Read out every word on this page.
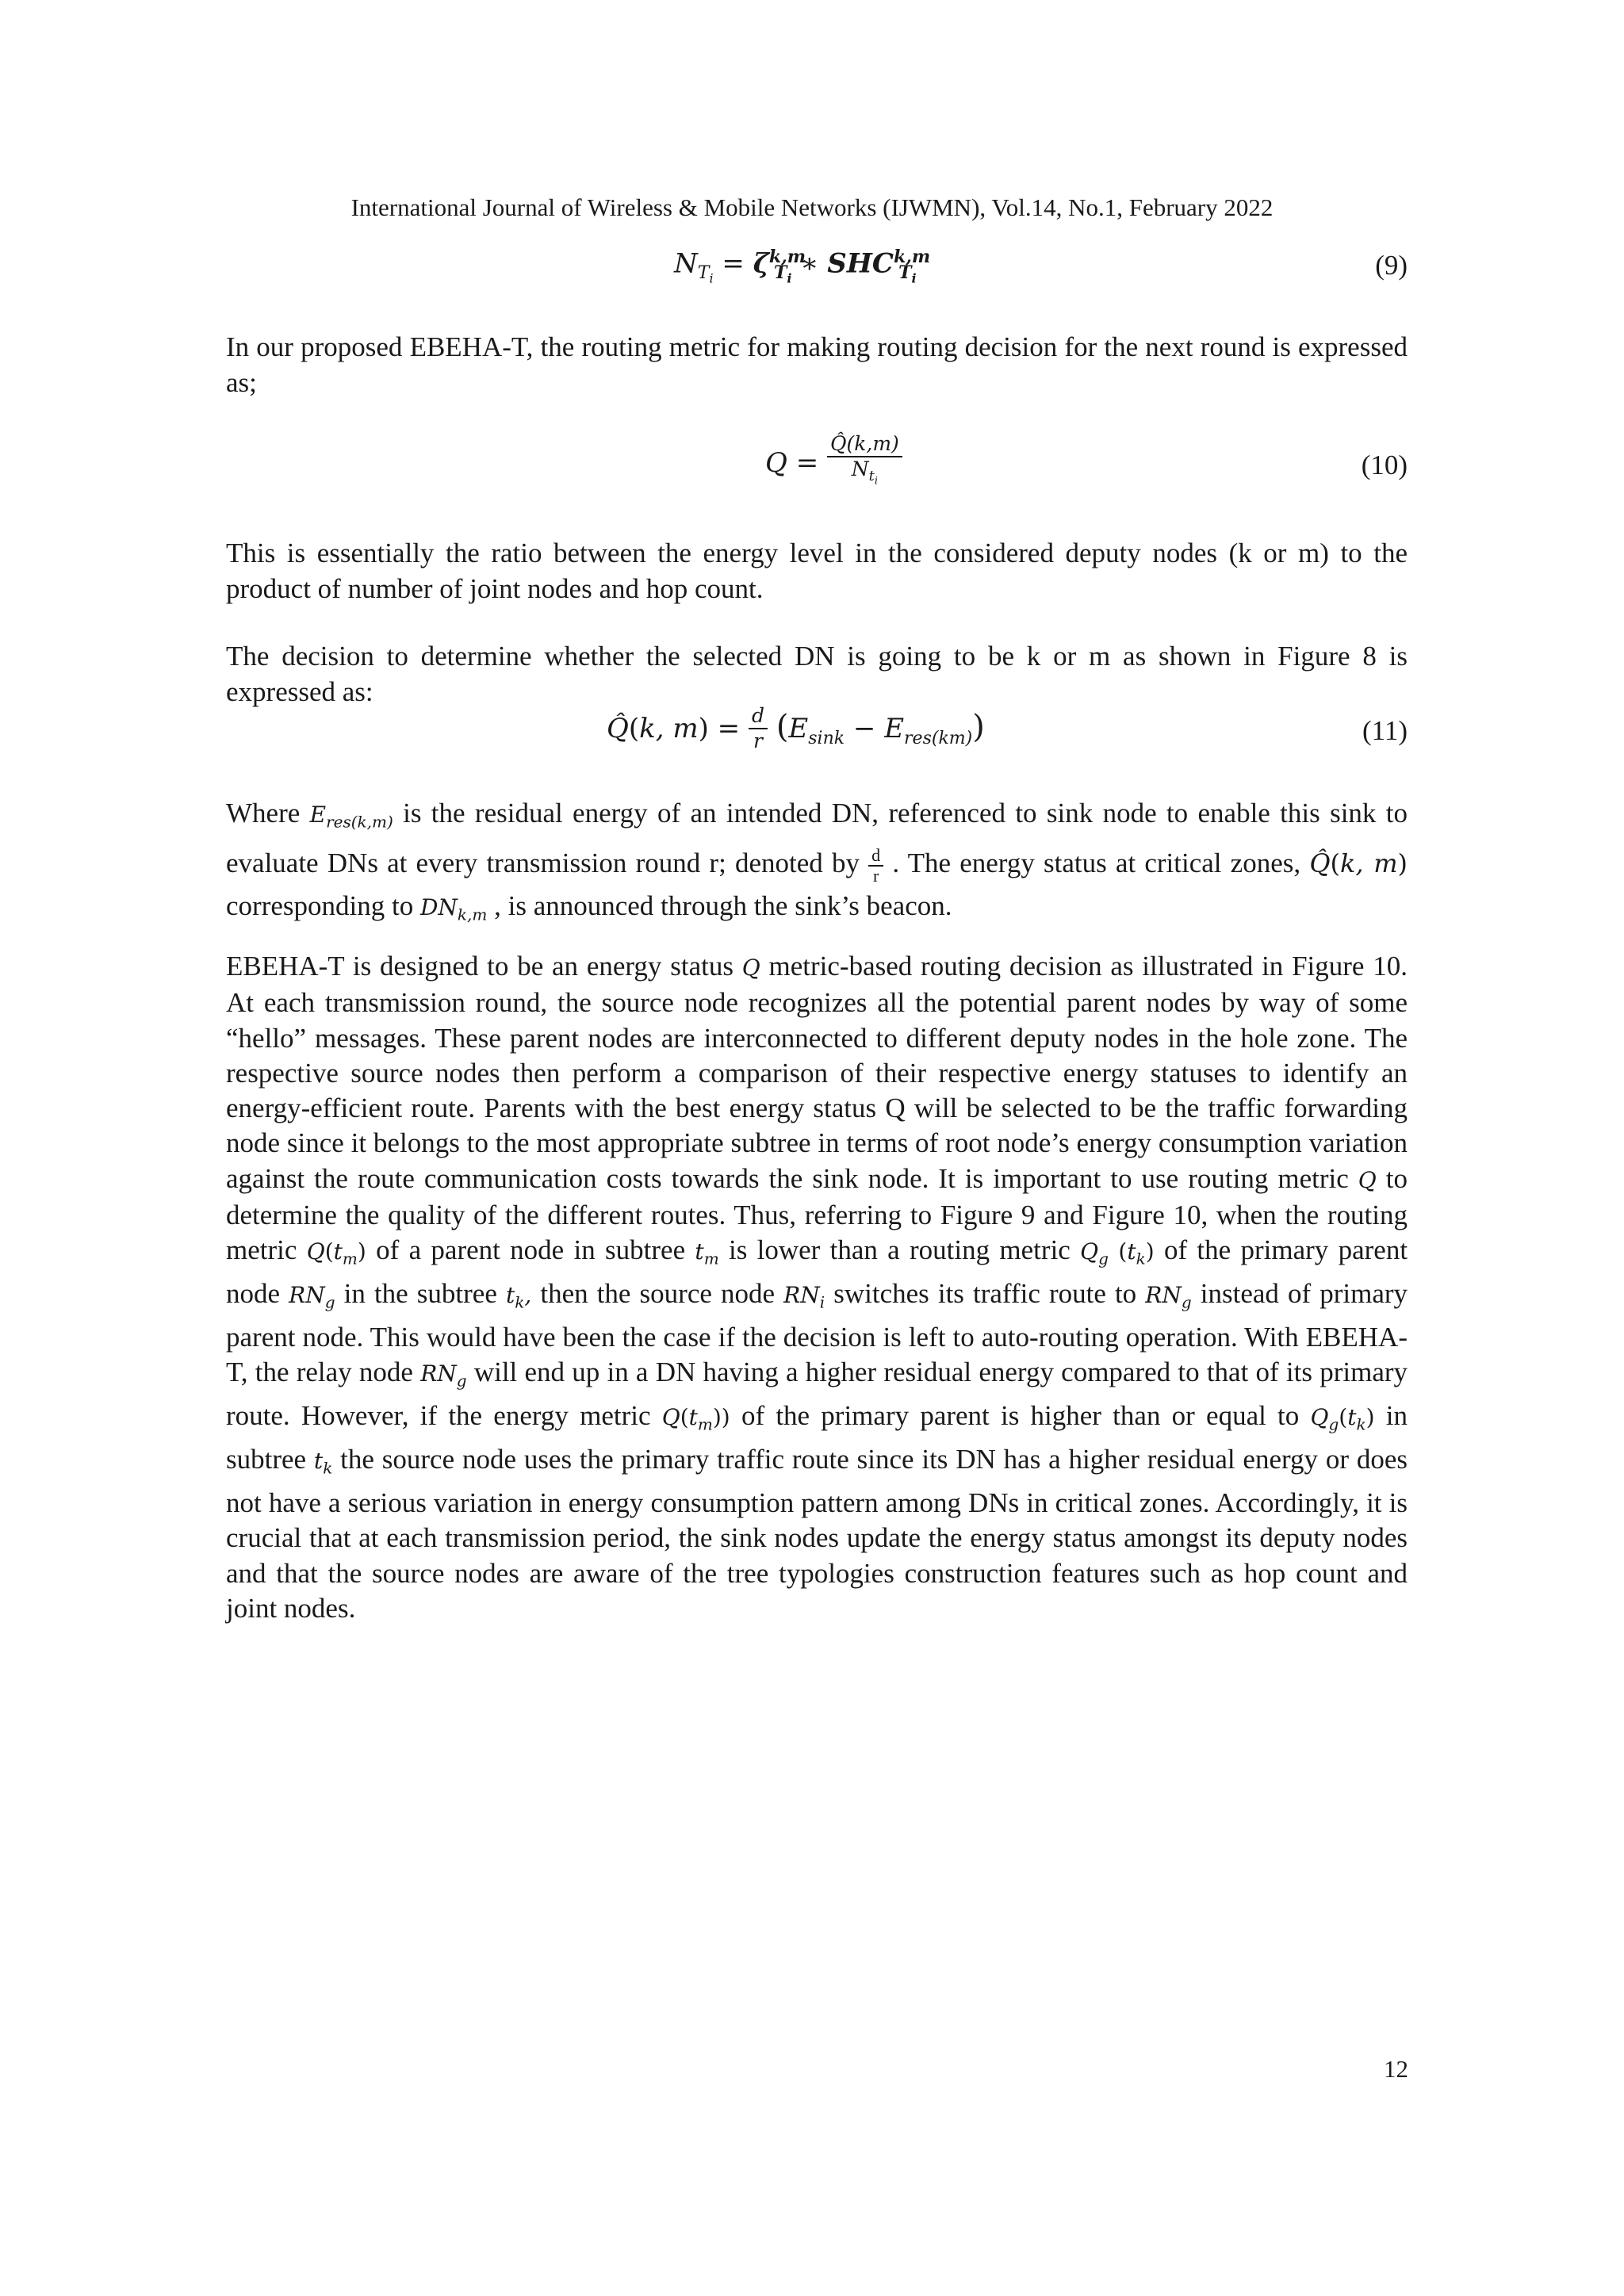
International Journal of Wireless & Mobile Networks (IJWMN), Vol.14, No.1, February 2022
$N_{T_i} = \zeta^{k,m}_{T_i}$ ∗ SHC$^{k,m}_{T_i}$	(9)
In our proposed EBEHA-T, the routing metric for making routing decision for the next round is expressed as;
$Q = \frac{Q̂(k,m)}{N_{t_i}}$	(10)
This is essentially the ratio between the energy level in the considered deputy nodes (k or m) to the product of number of joint nodes and hop count.
The decision to determine whether the selected DN is going to be k or m as shown in Figure 8 is expressed as:
Q̂(k, $m) = \frac{d}{r} (E_{sink} - E_{res(km)})$	(11)
Where $E_{res(k,m)}$ is the residual energy of an intended DN, referenced to sink node to enable this sink to evaluate DNs at every transmission round r; denoted by $\frac{d}{r}$ . The energy status at critical zones, Q̂(k, m) corresponding to $DN_{k,m}$ , is announced through the sink’s beacon.
EBEHA-T is designed to be an energy status Q metric-based routing decision as illustrated in Figure 10. At each transmission round, the source node recognizes all the potential parent nodes by way of some “hello” messages. These parent nodes are interconnected to different deputy nodes in the hole zone. The respective source nodes then perform a comparison of their respective energy statuses to identify an energy-efficient route. Parents with the best energy status Q will be selected to be the traffic forwarding node since it belongs to the most appropriate subtree in terms of root node’s energy consumption variation against the route communication costs towards the sink node. It is important to use routing metric Q to determine the quality of the different routes. Thus, referring to Figure 9 and Figure 10, when the routing metric $Q(t_m)$ of a parent node in subtree $t_m$ is lower than a routing metric $Q_g$ $(t_k)$ of the primary parent node $RN_g$ in the subtree $t_k$, then the source node $RN_i$ switches its traffic route to $RN_g$ instead of primary parent node. This would have been the case if the decision is left to auto-routing operation. With EBEHA-T, the relay node $RN_g$ will end up in a DN having a higher residual energy compared to that of its primary route. However, if the energy metric $Q(t_m)$) of the primary parent is higher than or equal to $Q_g(t_k)$ in subtree $t_k$ the source node uses the primary traffic route since its DN has a higher residual energy or does not have a serious variation in energy consumption pattern among DNs in critical zones. Accordingly, it is crucial that at each transmission period, the sink nodes update the energy status amongst its deputy nodes and that the source nodes are aware of the tree typologies construction features such as hop count and joint nodes.
12
